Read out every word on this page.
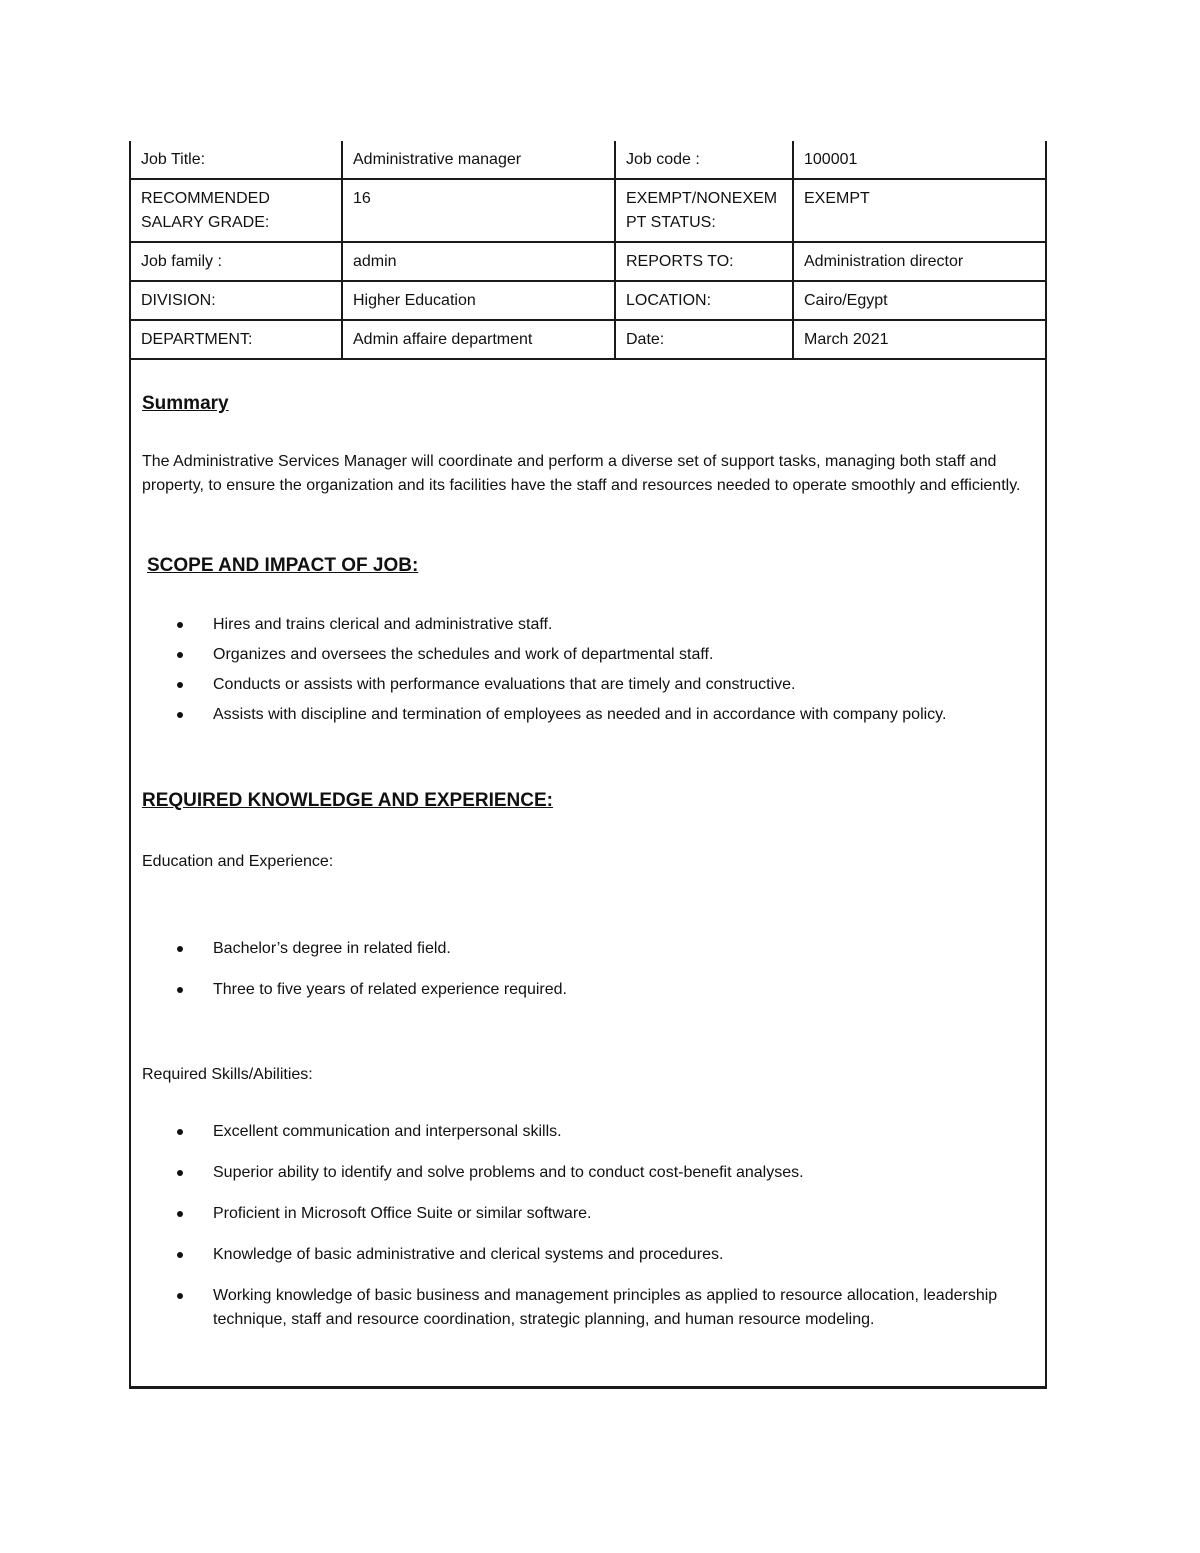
Job Title:	Administrative manager	Job code :	100001
RECOMMENDED SALARY GRADE:	16	EXEMPT/NONEXEMPT STATUS:	EXEMPT
Job family :	admin	REPORTS TO:	Administration director
DIVISION:	Higher Education	LOCATION:	Cairo/Egypt
DEPARTMENT:	Admin affaire department	Date:	March 2021
Summary
The Administrative Services Manager will coordinate and perform a diverse set of support tasks, managing both staff and property, to ensure the organization and its facilities have the staff and resources needed to operate smoothly and efficiently.
SCOPE AND IMPACT OF JOB:
Hires and trains clerical and administrative staff.
Organizes and oversees the schedules and work of departmental staff.
Conducts or assists with performance evaluations that are timely and constructive.
Assists with discipline and termination of employees as needed and in accordance with company policy.
REQUIRED KNOWLEDGE AND EXPERIENCE:
Education and Experience:
Bachelor’s degree in related field.
Three to five years of related experience required.
Required Skills/Abilities:
Excellent communication and interpersonal skills.
Superior ability to identify and solve problems and to conduct cost-benefit analyses.
Proficient in Microsoft Office Suite or similar software.
Knowledge of basic administrative and clerical systems and procedures.
Working knowledge of basic business and management principles as applied to resource allocation, leadership technique, staff and resource coordination, strategic planning, and human resource modeling.
